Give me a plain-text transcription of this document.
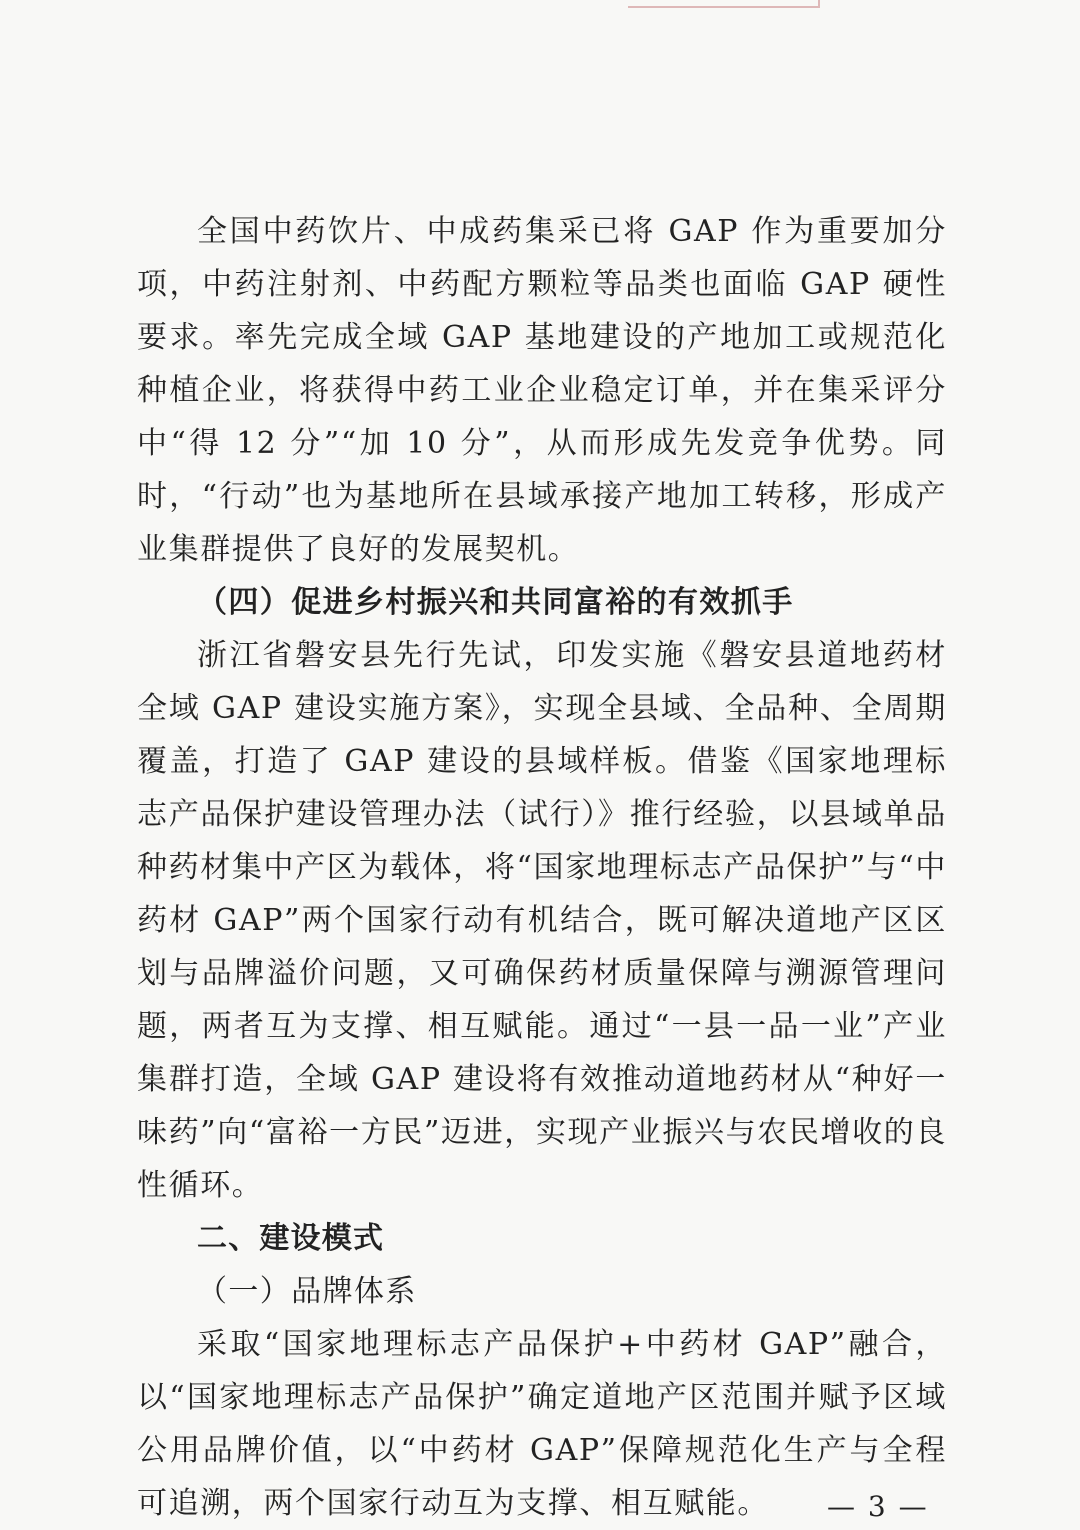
全国中药饮片、中成药集采已将 GAP 作为重要加分项，中药注射剂、中药配方颗粒等品类也面临 GAP 硬性要求。率先完成全域 GAP 基地建设的产地加工或规范化种植企业，将获得中药工业企业稳定订单，并在集采评分中“得 12 分”“加 10 分”，从而形成先发竞争优势。同时，“行动”也为基地所在县域承接产地加工转移，形成产业集群提供了良好的发展契机。

（四）促进乡村振兴和共同富裕的有效抓手

浙江省磐安县先行先试，印发实施《磐安县道地药材全域 GAP 建设实施方案》，实现全县域、全品种、全周期覆盖，打造了 GAP 建设的县域样板。借鉴《国家地理标志产品保护建设管理办法（试行）》推行经验，以县域单品种药材集中产区为载体，将“国家地理标志产品保护”与“中药材 GAP”两个国家行动有机结合，既可解决道地产区区划与品牌溢价问题，又可确保药材质量保障与溯源管理问题，两者互为支撑、相互赋能。通过“一县一品一业”产业集群打造，全域 GAP 建设将有效推动道地药材从“种好一味药”向“富裕一方民”迈进，实现产业振兴与农民增收的良性循环。

二、建设模式

（一）品牌体系

采取“国家地理标志产品保护+中药材 GAP”融合，以“国家地理标志产品保护”确定道地产区范围并赋予区域公用品牌价值，以“中药材 GAP”保障规范化生产与全程可追溯，两个国家行动互为支撑、相互赋能。	— 3 —
